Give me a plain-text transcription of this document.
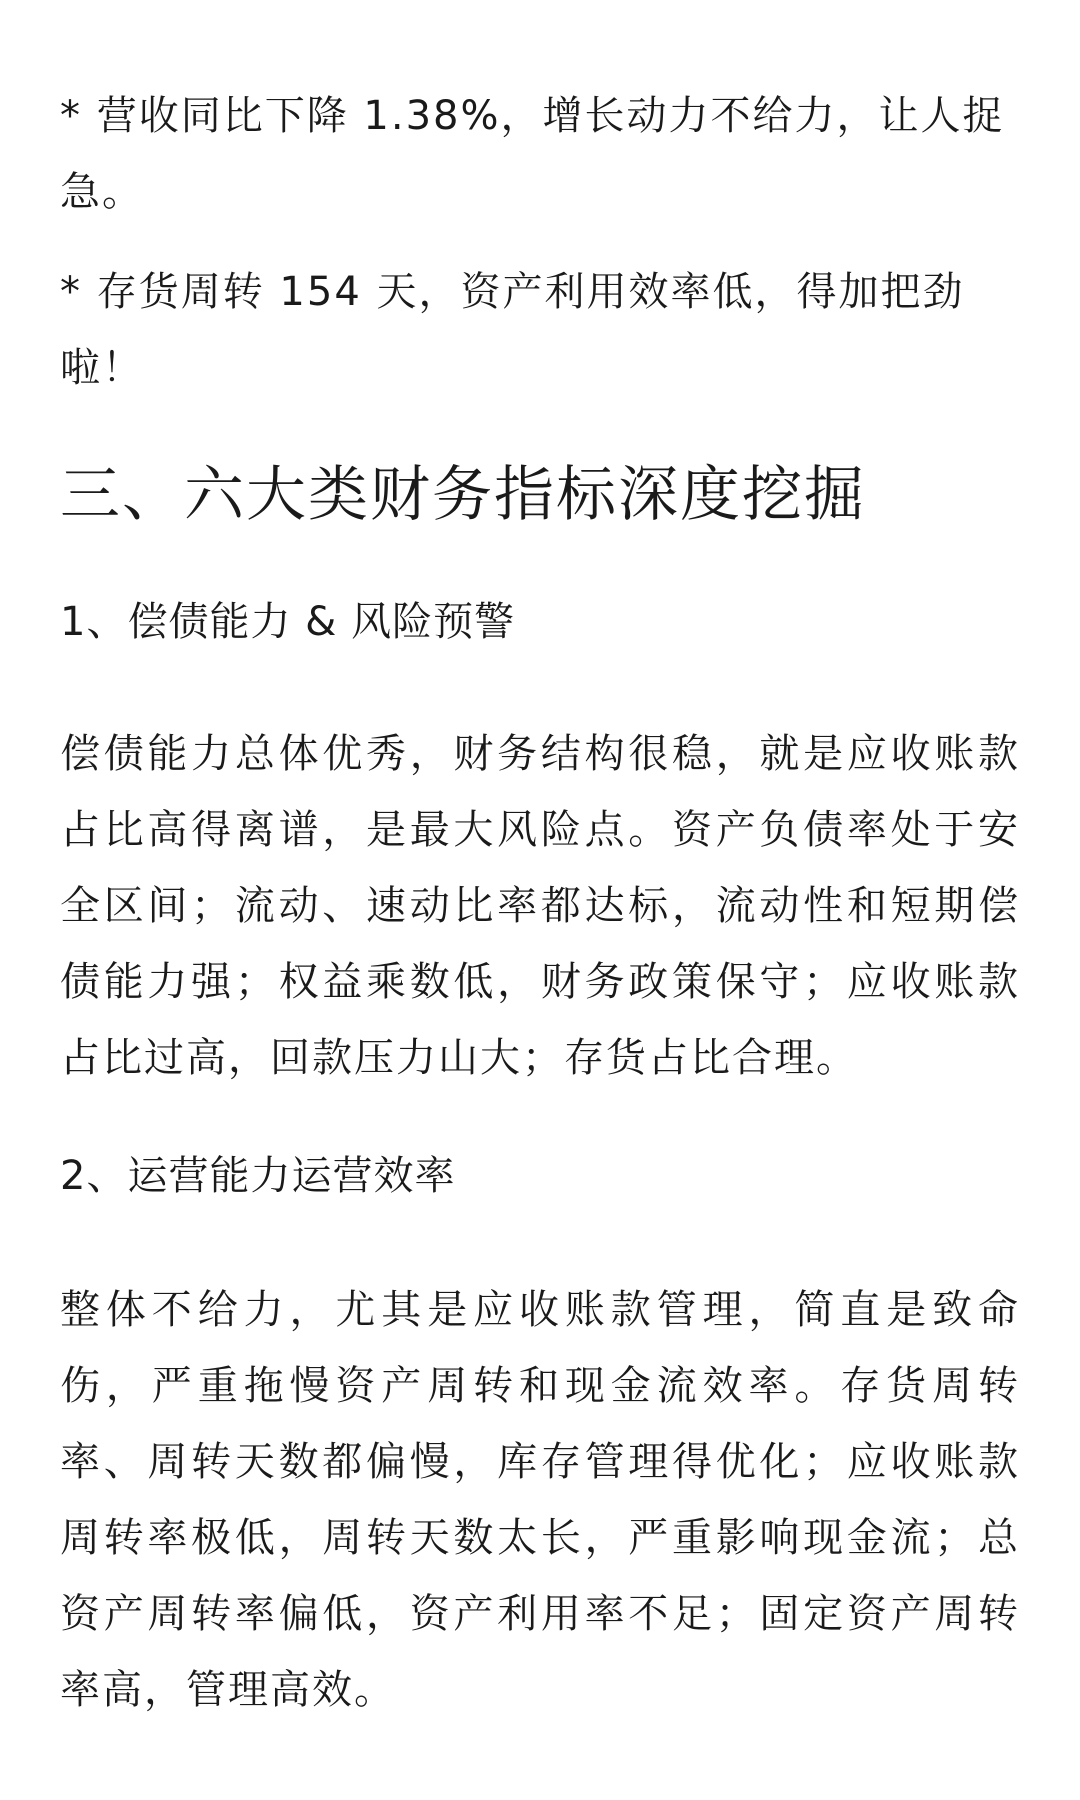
* 营收同比下降 1.38%，增长动力不给力，让人捉急。

* 存货周转 154 天，资产利用效率低，得加把劲啦！

三、六大类财务指标深度挖掘
1、偿债能力 & 风险预警

偿债能力总体优秀，财务结构很稳，就是应收账款占比高得离谱，是最大风险点。资产负债率处于安全区间；流动、速动比率都达标，流动性和短期偿债能力强；权益乘数低，财务政策保守；应收账款占比过高，回款压力山大；存货占比合理。

2、运营能力运营效率

整体不给力，尤其是应收账款管理，简直是致命伤，严重拖慢资产周转和现金流效率。存货周转率、周转天数都偏慢，库存管理得优化；应收账款周转率极低，周转天数太长，严重影响现金流；总资产周转率偏低，资产利用率不足；固定资产周转率高，管理高效。
